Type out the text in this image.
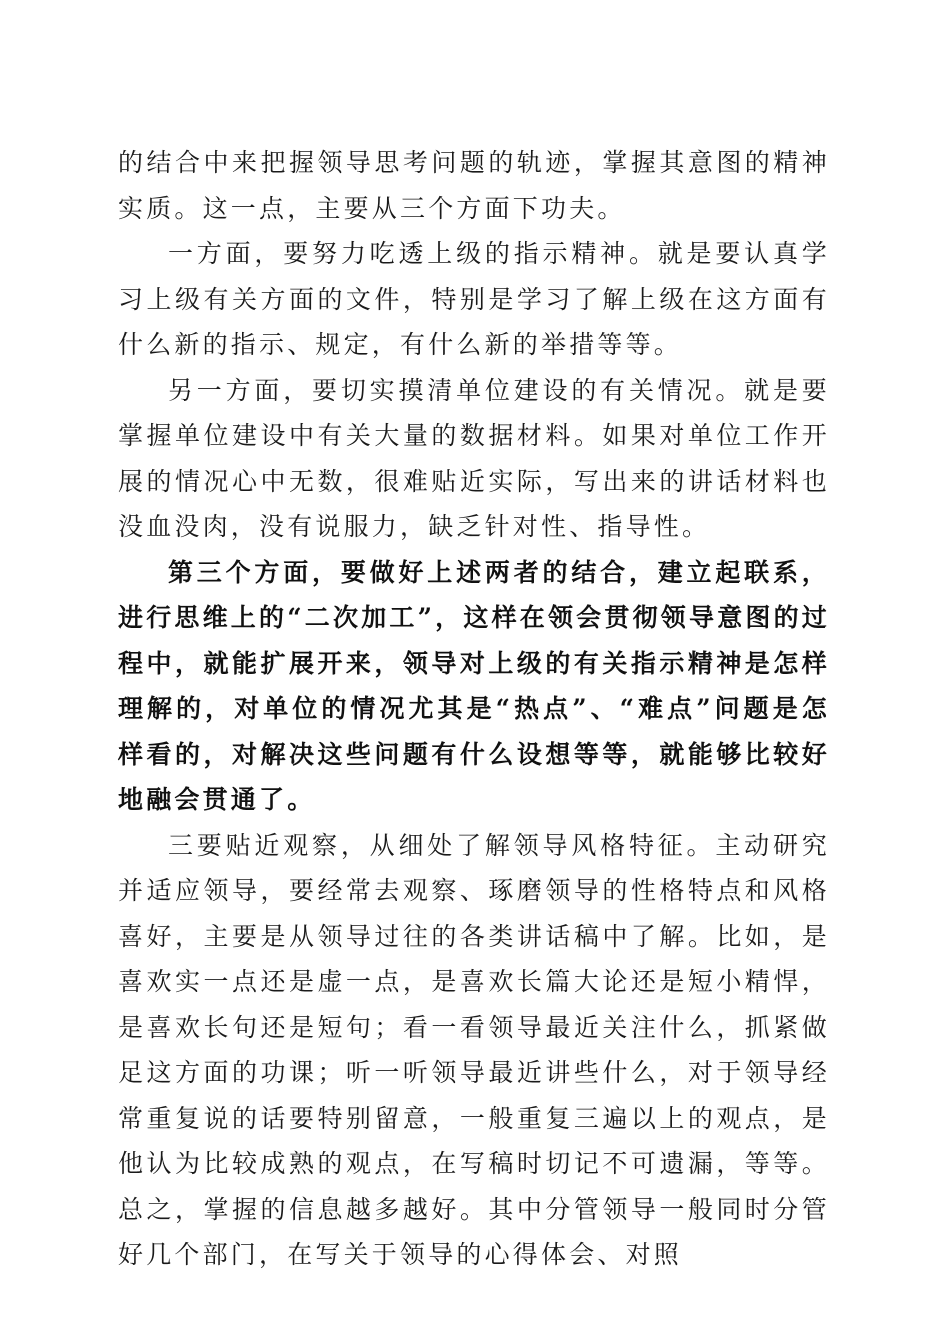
的结合中来把握领导思考问题的轨迹，掌握其意图的精神实质。这一点，主要从三个方面下功夫。

一方面，要努力吃透上级的指示精神。就是要认真学习上级有关方面的文件，特别是学习了解上级在这方面有什么新的指示、规定，有什么新的举措等等。

另一方面，要切实摸清单位建设的有关情况。就是要掌握单位建设中有关大量的数据材料。如果对单位工作开展的情况心中无数，很难贴近实际，写出来的讲话材料也没血没肉，没有说服力，缺乏针对性、指导性。

第三个方面，要做好上述两者的结合，建立起联系，进行思维上的“二次加工”，这样在领会贯彻领导意图的过程中，就能扩展开来，领导对上级的有关指示精神是怎样理解的，对单位的情况尤其是“热点”、“难点”问题是怎样看的，对解决这些问题有什么设想等等，就能够比较好地融会贯通了。

三要贴近观察，从细处了解领导风格特征。主动研究并适应领导，要经常去观察、琢磨领导的性格特点和风格喜好，主要是从领导过往的各类讲话稿中了解。比如，是喜欢实一点还是虚一点，是喜欢长篇大论还是短小精悍，是喜欢长句还是短句；看一看领导最近关注什么，抓紧做足这方面的功课；听一听领导最近讲些什么，对于领导经常重复说的话要特别留意，一般重复三遍以上的观点，是他认为比较成熟的观点，在写稿时切记不可遗漏，等等。总之，掌握的信息越多越好。其中分管领导一般同时分管好几个部门，在写关于领导的心得体会、对照
